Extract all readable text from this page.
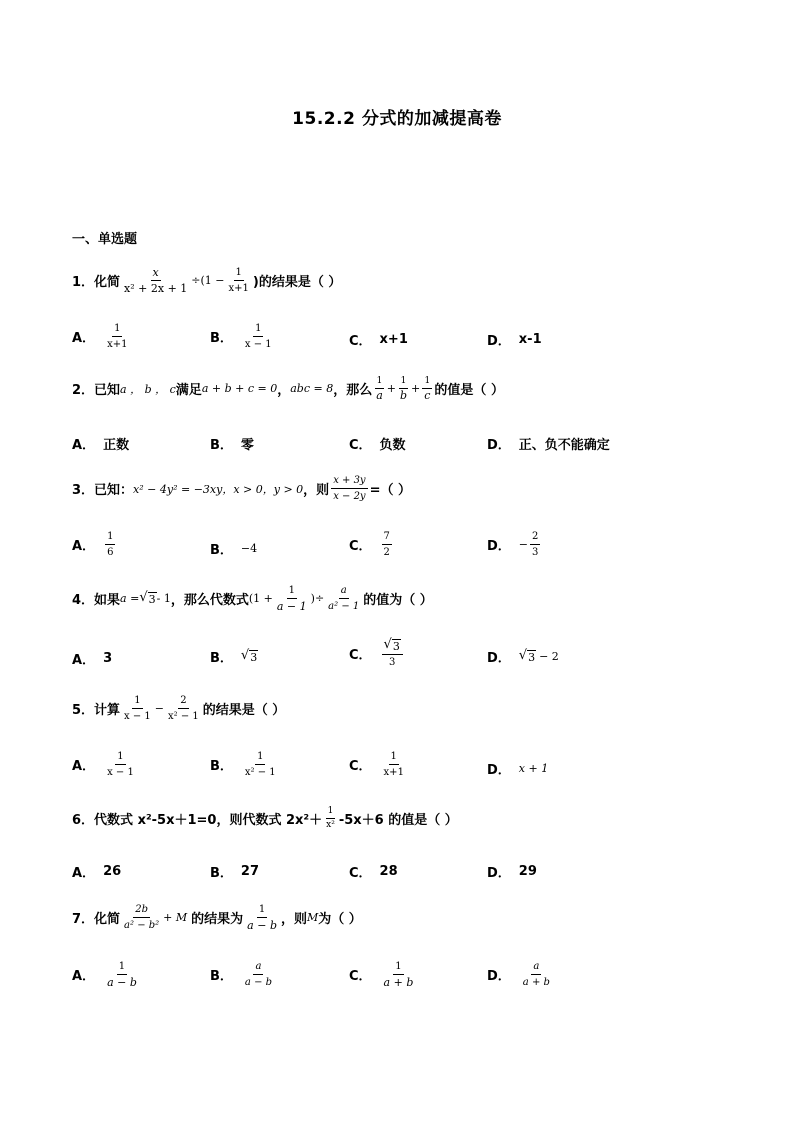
15.2.2 分式的加减提高卷
一、单选题
1．化简 $\frac{x}{\text{x² + 2x + 1}} \div(1 - \frac{1}{x+1}$ )的结果是（ ）
A． $\frac{1}{x+1}$	B． $\frac{1}{x - 1}$	C． x+1	D． x-1
2．已知 a ， b ， c 满足 a + b + c = 0 ， abc = 8 ，那么 $\frac{1}{a} + \frac{1}{b} + \frac{1}{c}$ 的值是（ ）
A． 正数	B． 零	C． 负数	D． 正、负不能确定
3．已知： x² − 4y² = −3xy，x > 0，y > 0 ，则 $\frac{x + 3y}{x - 2y}$ =（ ）
A． $\frac{1}{6}$	B． −4	C． $\frac{7}{2}$	D． − $\frac{2}{3}$
4．如果 a = √ 3 - 1 ，那么代数式 ($1 + \frac{1}{a - 1}$ )÷ $\frac{a}{\text{a² − 1}}$ 的值为（ ）
A． 3	B． √ 3	C． $\frac{√ 3}{3}$	D． √ 3 − 2
5．计算 $\frac{1}{x - 1} - \frac{2}{\text{x² − 1}}$ 的结果是（ ）
A． $\frac{1}{x - 1}$	B． $\frac{1}{\text{x² − 1}}$	C． $\frac{1}{x+1}$	D． x + 1
6．代数式 x²-5x＋1=0，则代数式 $2x^2+ \frac{1}{\text{x²}} -5x+6$ 的值是（ ）
A． 26	B． 27	C． 28	D． 29
7．化简 $\frac{2b}{\text{a² − b²}} + M$ 的结果为 $\frac{1}{a - b}$ ，则 M 为（ ）
A． $\frac{1}{a - b}$	B． $\frac{a}{a - b}$	C． $\frac{1}{a + b}$	D． $\frac{a}{a + b}$
